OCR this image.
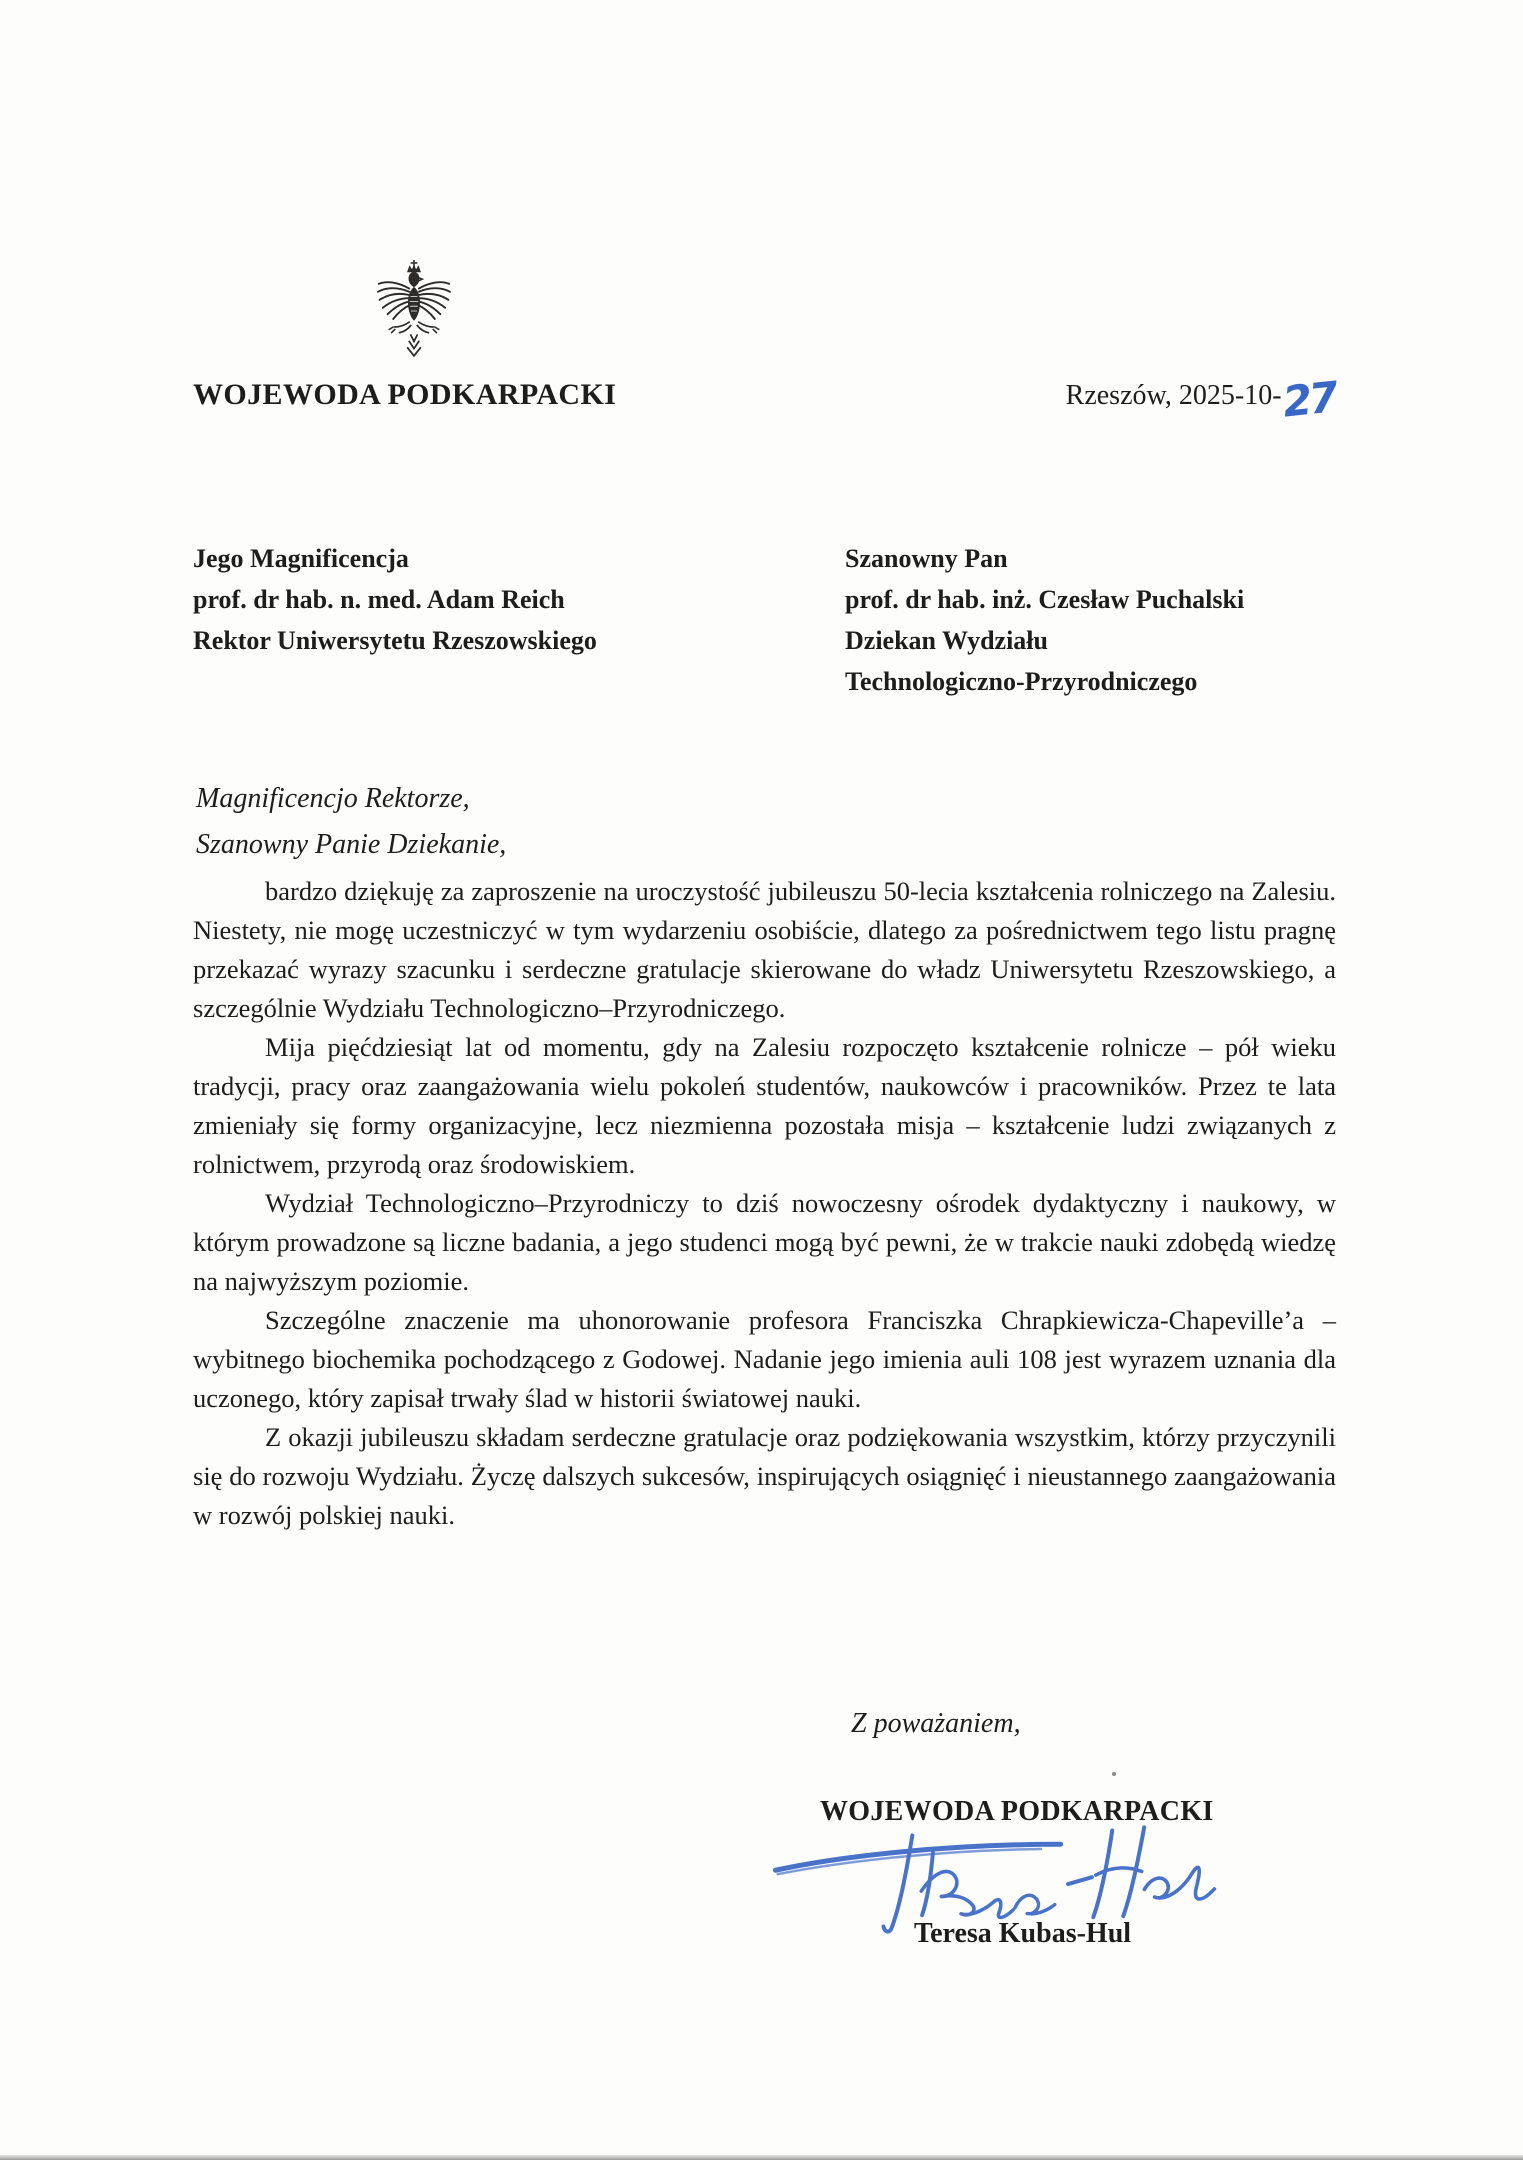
WOJEWODA PODKARPACKI	Rzeszów, 2025-10-27
Jego Magnificencja
prof. dr hab. n. med. Adam Reich
Rektor Uniwersytetu Rzeszowskiego
Szanowny Pan
prof. dr hab. inż. Czesław Puchalski
Dziekan Wydziału
Technologiczno-Przyrodniczego
Magnificencjo Rektorze,
Szanowny Panie Dziekanie,

bardzo dziękuję za zaproszenie na uroczystość jubileuszu 50-lecia kształcenia rolniczego na Zalesiu. Niestety, nie mogę uczestniczyć w tym wydarzeniu osobiście, dlatego za pośrednictwem tego listu pragnę przekazać wyrazy szacunku i serdeczne gratulacje skierowane do władz Uniwersytetu Rzeszowskiego, a szczególnie Wydziału Technologiczno–Przyrodniczego.

Mija pięćdziesiąt lat od momentu, gdy na Zalesiu rozpoczęto kształcenie rolnicze – pół wieku tradycji, pracy oraz zaangażowania wielu pokoleń studentów, naukowców i pracowników. Przez te lata zmieniały się formy organizacyjne, lecz niezmienna pozostała misja – kształcenie ludzi związanych z rolnictwem, przyrodą oraz środowiskiem.

Wydział Technologiczno–Przyrodniczy to dziś nowoczesny ośrodek dydaktyczny i naukowy, w którym prowadzone są liczne badania, a jego studenci mogą być pewni, że w trakcie nauki zdobędą wiedzę na najwyższym poziomie.

Szczególne znaczenie ma uhonorowanie profesora Franciszka Chrapkiewicza-Chapeville’a – wybitnego biochemika pochodzącego z Godowej. Nadanie jego imienia auli 108 jest wyrazem uznania dla uczonego, który zapisał trwały ślad w historii światowej nauki.

Z okazji jubileuszu składam serdeczne gratulacje oraz podziękowania wszystkim, którzy przyczynili się do rozwoju Wydziału. Życzę dalszych sukcesów, inspirujących osiągnięć i nieustannego zaangażowania w rozwój polskiej nauki.

Z poważaniem,
WOJEWODA PODKARPACKI
Teresa Kubas-Hul
